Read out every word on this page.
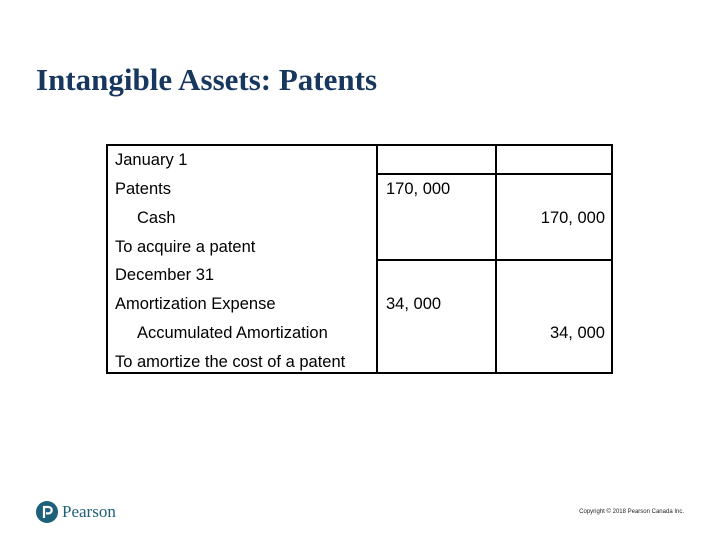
Intangible Assets: Patents
January 1
Patents
Cash
To acquire a patent
December 31
Amortization Expense
Accumulated Amortization
To amortize the cost of a patent
170, 000
170, 000
34, 000
34, 000
Pearson	Copyright © 2018 Pearson Canada Inc.
